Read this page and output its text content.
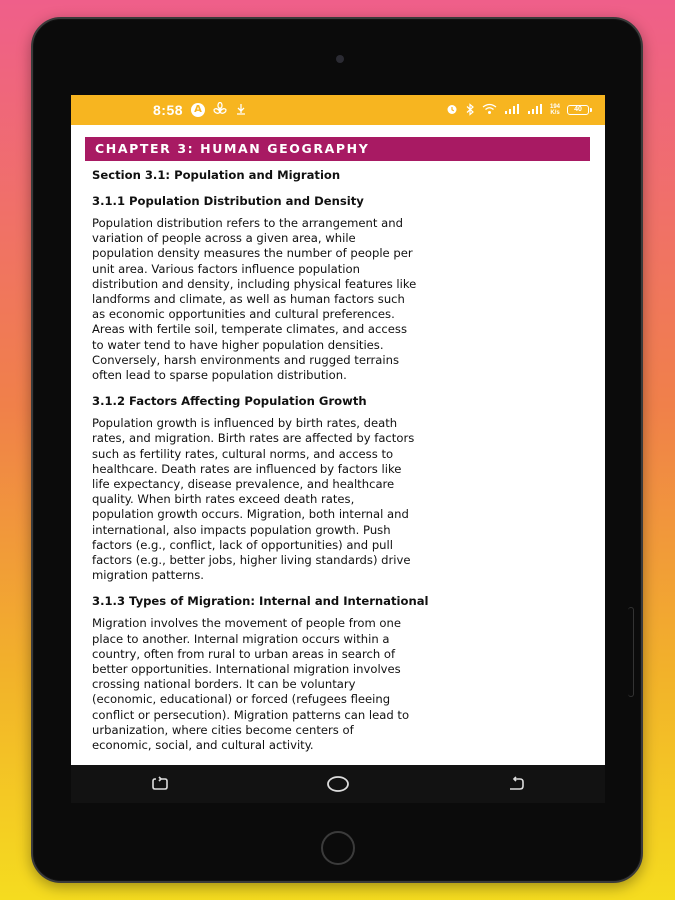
8:58	A	194
K/s	40
CHAPTER 3: HUMAN GEOGRAPHY
Section 3.1: Population and Migration
3.1.1 Population Distribution and Density
Population distribution refers to the arrangement and
variation of people across a given area, while
population density measures the number of people per
unit area. Various factors influence population
distribution and density, including physical features like
landforms and climate, as well as human factors such
as economic opportunities and cultural preferences.
Areas with fertile soil, temperate climates, and access
to water tend to have higher population densities.
Conversely, harsh environments and rugged terrains
often lead to sparse population distribution.
3.1.2 Factors Affecting Population Growth
Population growth is influenced by birth rates, death
rates, and migration. Birth rates are affected by factors
such as fertility rates, cultural norms, and access to
healthcare. Death rates are influenced by factors like
life expectancy, disease prevalence, and healthcare
quality. When birth rates exceed death rates,
population growth occurs. Migration, both internal and
international, also impacts population growth. Push
factors (e.g., conflict, lack of opportunities) and pull
factors (e.g., better jobs, higher living standards) drive
migration patterns.
3.1.3 Types of Migration: Internal and International
Migration involves the movement of people from one
place to another. Internal migration occurs within a
country, often from rural to urban areas in search of
better opportunities. International migration involves
crossing national borders. It can be voluntary
(economic, educational) or forced (refugees fleeing
conflict or persecution). Migration patterns can lead to
urbanization, where cities become centers of
economic, social, and cultural activity.
